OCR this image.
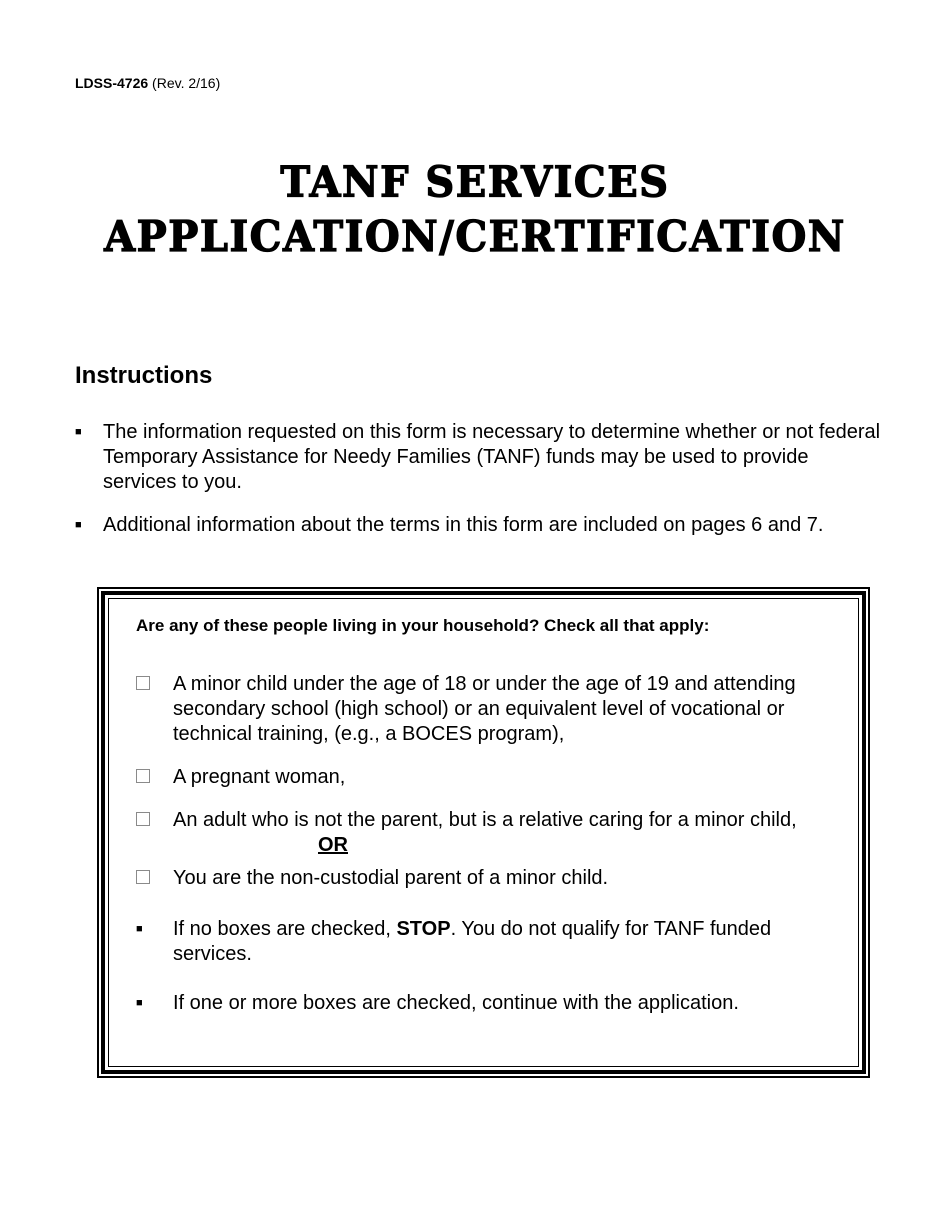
LDSS-4726 (Rev. 2/16)
TANF SERVICES
APPLICATION/CERTIFICATION
Instructions
■	The information requested on this form is necessary to determine whether or not federal Temporary Assistance for Needy Families (TANF) funds may be used to provide services to you.
■	Additional information about the terms in this form are included on pages 6 and 7.
Are any of these people living in your household? Check all that apply:
A minor child under the age of 18 or under the age of 19 and attending secondary school (high school) or an equivalent level of vocational or technical training, (e.g., a BOCES program),
A pregnant woman,
An adult who is not the parent, but is a relative caring for a minor child,
OR
You are the non-custodial parent of a minor child.
■	If no boxes are checked, STOP. You do not qualify for TANF funded services.
■	If one or more boxes are checked, continue with the application.
